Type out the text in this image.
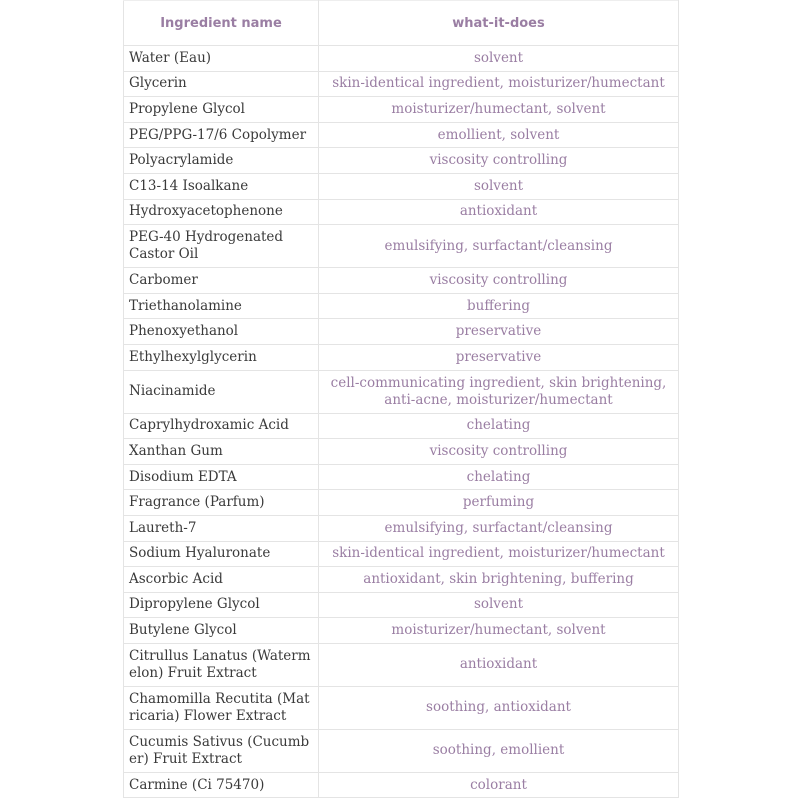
Ingredient name	what-it-does
Water (Eau)	solvent
Glycerin	skin-identical ingredient, moisturizer/humectant
Propylene Glycol	moisturizer/humectant, solvent
PEG/PPG-17/6 Copolymer	emollient, solvent
Polyacrylamide	viscosity controlling
C13-14 Isoalkane	solvent
Hydroxyacetophenone	antioxidant
PEG-40 Hydrogenated Castor Oil	emulsifying, surfactant/cleansing
Carbomer	viscosity controlling
Triethanolamine	buffering
Phenoxyethanol	preservative
Ethylhexylglycerin	preservative
Niacinamide	cell-communicating ingredient, skin brightening, anti-acne, moisturizer/humectant
Caprylhydroxamic Acid	chelating
Xanthan Gum	viscosity controlling
Disodium EDTA	chelating
Fragrance (Parfum)	perfuming
Laureth-7	emulsifying, surfactant/cleansing
Sodium Hyaluronate	skin-identical ingredient, moisturizer/humectant
Ascorbic Acid	antioxidant, skin brightening, buffering
Dipropylene Glycol	solvent
Butylene Glycol	moisturizer/humectant, solvent
Citrullus Lanatus (Watermelon) Fruit Extract	antioxidant
Chamomilla Recutita (Matricaria) Flower Extract	soothing, antioxidant
Cucumis Sativus (Cucumber) Fruit Extract	soothing, emollient
Carmine (Ci 75470)	colorant
